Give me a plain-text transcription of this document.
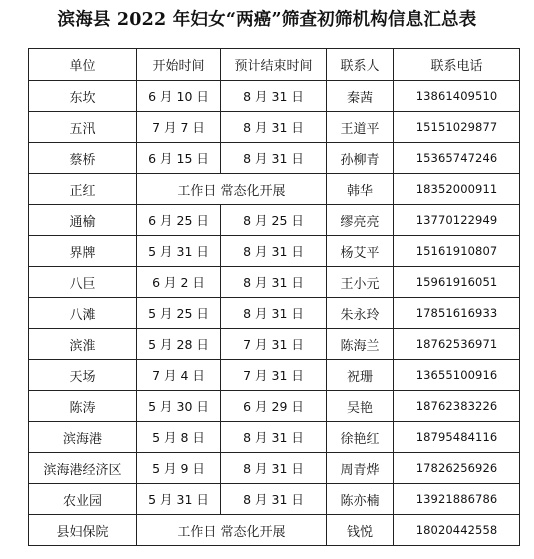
滨海县 2022 年妇女“两癌”筛查初筛机构信息汇总表
单位	开始时间	预计结束时间	联系人	联系电话
东坎	6 月 10 日	8 月 31 日	秦茜	13861409510
五汛	7 月 7 日	8 月 31 日	王道平	15151029877
蔡桥	6 月 15 日	8 月 31 日	孙柳青	15365747246
正红	工作日 常态化开展		韩华	18352000911
通榆	6 月 25 日	8 月 25 日	缪亮亮	13770122949
界牌	5 月 31 日	8 月 31 日	杨艾平	15161910807
八巨	6 月 2 日	8 月 31 日	王小元	15961916051
八滩	5 月 25 日	8 月 31 日	朱永玲	17851616933
滨淮	5 月 28 日	7 月 31 日	陈海兰	18762536971
天场	7 月 4 日	7 月 31 日	祝珊	13655100916
陈涛	5 月 30 日	6 月 29 日	吴艳	18762383226
滨海港	5 月 8 日	8 月 31 日	徐艳红	18795484116
滨海港经济区	5 月 9 日	8 月 31 日	周青烨	17826256926
农业园	5 月 31 日	8 月 31 日	陈亦楠	13921886786
县妇保院	工作日 常态化开展		钱悦	18020442558
